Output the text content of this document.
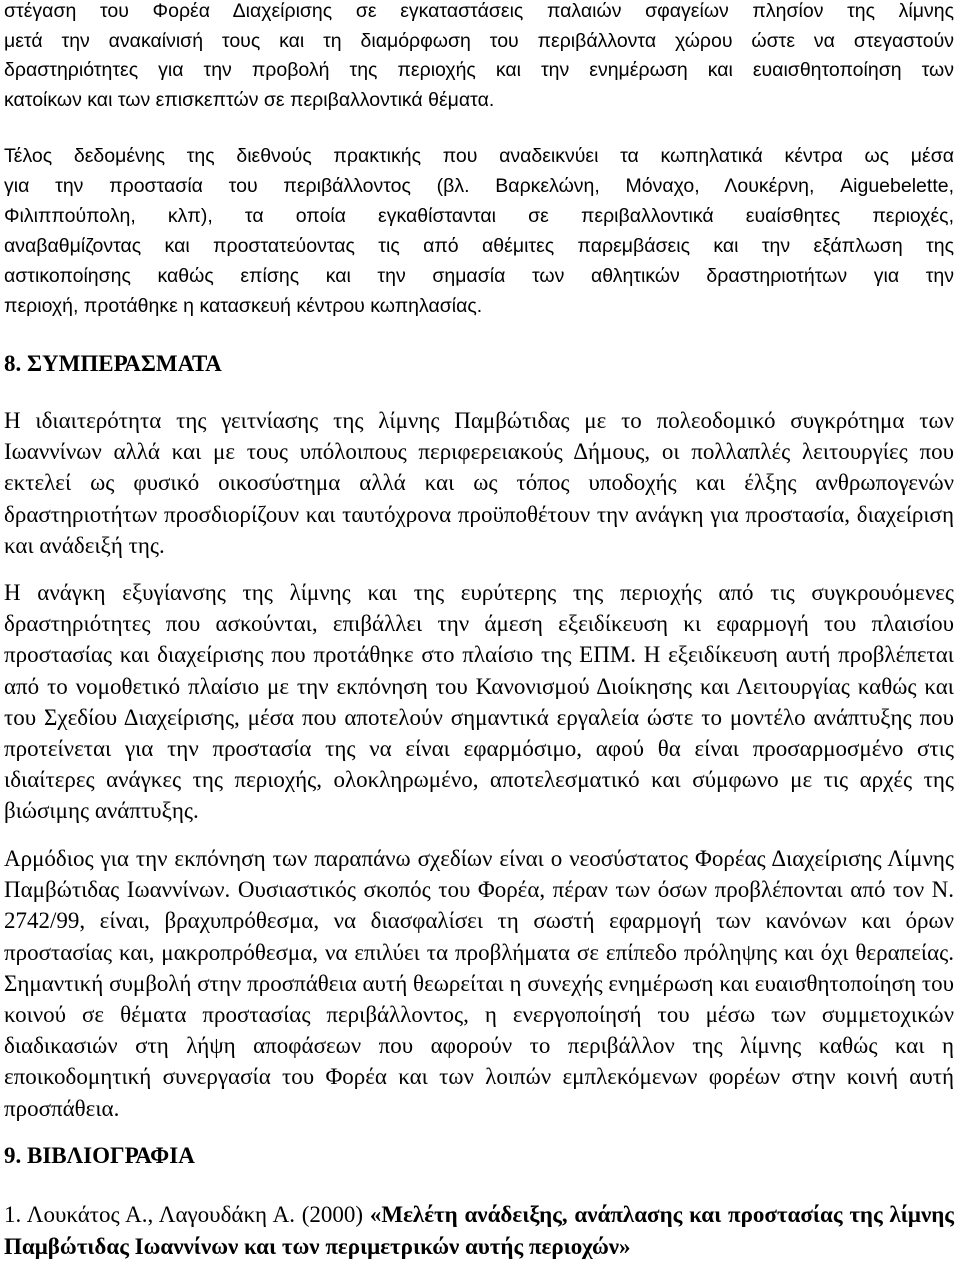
στέγαση του Φορέα Διαχείρισης σε εγκαταστάσεις παλαιών σφαγείων πλησίον της λίμνης
μετά την ανακαίνισή τους και τη διαμόρφωση του περιβάλλοντα χώρου ώστε να στεγαστούν
δραστηριότητες για την προβολή της περιοχής και την ενημέρωση και ευαισθητοποίηση των
κατοίκων και των επισκεπτών σε περιβαλλοντικά θέματα.
Τέλος δεδομένης της διεθνούς πρακτικής που αναδεικνύει τα κωπηλατικά κέντρα ως μέσα
για την προστασία του περιβάλλοντος (βλ. Βαρκελώνη, Μόναχο, Λουκέρνη, Aiguebelette,
Φιλιππούπολη, κλπ), τα οποία εγκαθίστανται σε περιβαλλοντικά ευαίσθητες περιοχές,
αναβαθμίζοντας και προστατεύοντας τις από αθέμιτες παρεμβάσεις και την εξάπλωση της
αστικοποίησης καθώς επίσης και την σημασία των αθλητικών δραστηριοτήτων για την
περιοχή, προτάθηκε η κατασκευή κέντρου κωπηλασίας.
8. ΣΥΜΠΕΡΑΣΜΑΤΑ
Η ιδιαιτερότητα της γειτνίασης της λίμνης Παμβώτιδας με το πολεοδομικό συγκρότημα των Ιωαννίνων αλλά και με τους υπόλοιπους περιφερειακούς Δήμους, οι πολλαπλές λειτουργίες που εκτελεί ως φυσικό οικοσύστημα αλλά και ως τόπος υποδοχής και έλξης ανθρωπογενών δραστηριοτήτων προσδιορίζουν και ταυτόχρονα προϋποθέτουν την ανάγκη για προστασία, διαχείριση και ανάδειξή της.
Η ανάγκη εξυγίανσης της λίμνης και της ευρύτερης της περιοχής από τις συγκρουόμενες δραστηριότητες που ασκούνται, επιβάλλει την άμεση εξειδίκευση κι εφαρμογή του πλαισίου προστασίας και διαχείρισης που προτάθηκε στο πλαίσιο της ΕΠΜ. Η εξειδίκευση αυτή προβλέπεται από το νομοθετικό πλαίσιο με την εκπόνηση του Κανονισμού Διοίκησης και Λειτουργίας καθώς και του Σχεδίου Διαχείρισης, μέσα που αποτελούν σημαντικά εργαλεία ώστε το μοντέλο ανάπτυξης που προτείνεται για την προστασία της να είναι εφαρμόσιμο, αφού θα είναι προσαρμοσμένο στις ιδιαίτερες ανάγκες της περιοχής, ολοκληρωμένο, αποτελεσματικό και σύμφωνο με τις αρχές της βιώσιμης ανάπτυξης.
Αρμόδιος για την εκπόνηση των παραπάνω σχεδίων είναι ο νεοσύστατος Φορέας Διαχείρισης Λίμνης Παμβώτιδας Ιωαννίνων. Ουσιαστικός σκοπός του Φορέα, πέραν των όσων προβλέπονται από τον Ν. 2742/99, είναι, βραχυπρόθεσμα, να διασφαλίσει τη σωστή εφαρμογή των κανόνων και όρων προστασίας και, μακροπρόθεσμα, να επιλύει τα προβλήματα σε επίπεδο πρόληψης και όχι θεραπείας. Σημαντική συμβολή στην προσπάθεια αυτή θεωρείται η συνεχής ενημέρωση και ευαισθητοποίηση του κοινού σε θέματα προστασίας περιβάλλοντος, η ενεργοποίησή του μέσω των συμμετοχικών διαδικασιών στη λήψη αποφάσεων που αφορούν το περιβάλλον της λίμνης καθώς και η εποικοδομητική συνεργασία του Φορέα και των λοιπών εμπλεκόμενων φορέων στην κοινή αυτή προσπάθεια.
9. ΒΙΒΛΙΟΓΡΑΦΙΑ
1. Λουκάτος Α., Λαγουδάκη Α. (2000) «Μελέτη ανάδειξης, ανάπλασης και προστασίας της λίμνης Παμβώτιδας Ιωαννίνων και των περιμετρικών αυτής περιοχών»
